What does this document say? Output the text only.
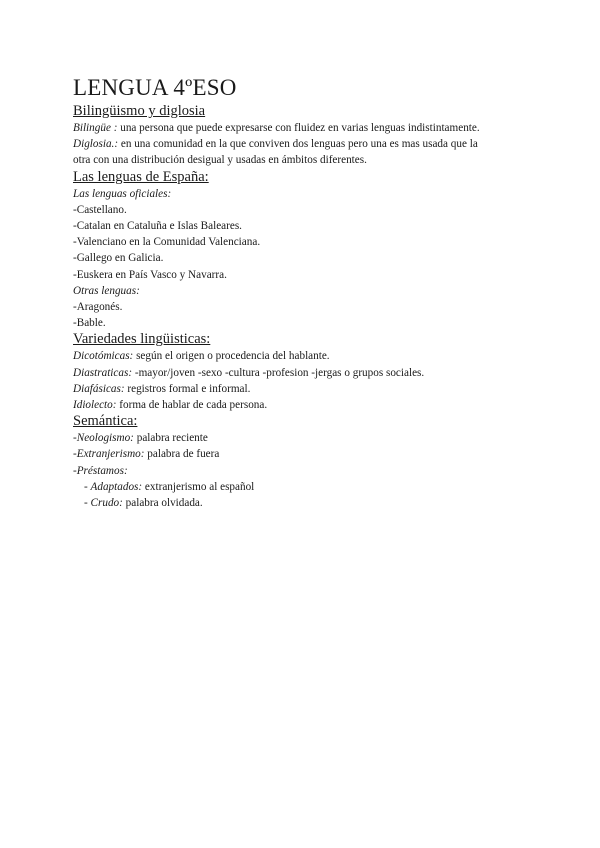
LENGUA 4ºESO
Bilingüismo y diglosia

Bilingüe : una persona que puede expresarse con fluidez en varias lenguas indistintamente.

Diglosia.: en una comunidad en la que conviven dos lenguas pero una es mas usada que la

otra con una distribución desigual y usadas en ámbitos diferentes.

Las lenguas de España:

Las lenguas oficiales:

-Castellano.

-Catalan en Cataluña e Islas Baleares.

-Valenciano en la Comunidad Valenciana.

-Gallego en Galicia.

-Euskera en País Vasco y Navarra.

Otras lenguas:

-Aragonés.

-Bable.

Variedades lingüisticas:

Dicotómicas: según el origen o procedencia del hablante.

Diastraticas: -mayor/joven -sexo -cultura -profesion -jergas o grupos sociales.

Diafásicas: registros formal e informal.

Idiolecto: forma de hablar de cada persona.

Semántica:

-Neologismo: palabra reciente

-Extranjerismo: palabra de fuera

-Préstamos:

- Adaptados: extranjerismo al español

- Crudo: palabra olvidada.
